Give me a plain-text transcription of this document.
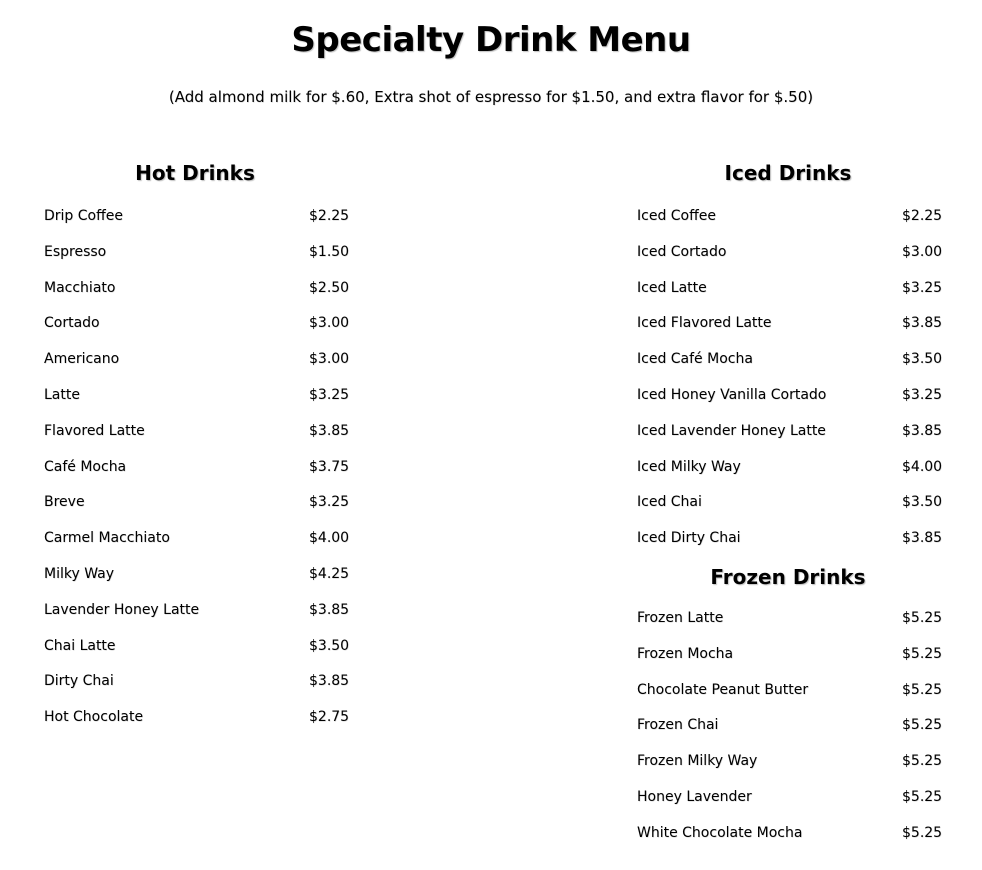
Specialty Drink Menu
(Add almond milk for $.60, Extra shot of espresso for $1.50, and extra flavor for $.50)
Hot Drinks
Drip Coffee	$2.25
Espresso	$1.50
Macchiato	$2.50
Cortado	$3.00
Americano	$3.00
Latte	$3.25
Flavored Latte	$3.85
Café Mocha	$3.75
Breve	$3.25
Carmel Macchiato	$4.00
Milky Way	$4.25
Lavender Honey Latte	$3.85
Chai Latte	$3.50
Dirty Chai	$3.85
Hot Chocolate	$2.75
Iced Drinks
Iced Coffee	$2.25
Iced Cortado	$3.00
Iced Latte	$3.25
Iced Flavored Latte	$3.85
Iced Café Mocha	$3.50
Iced Honey Vanilla Cortado	$3.25
Iced Lavender Honey Latte	$3.85
Iced Milky Way	$4.00
Iced Chai	$3.50
Iced Dirty Chai	$3.85
Frozen Drinks
Frozen Latte	$5.25
Frozen Mocha	$5.25
Chocolate Peanut Butter	$5.25
Frozen Chai	$5.25
Frozen Milky Way	$5.25
Honey Lavender	$5.25
White Chocolate Mocha	$5.25
